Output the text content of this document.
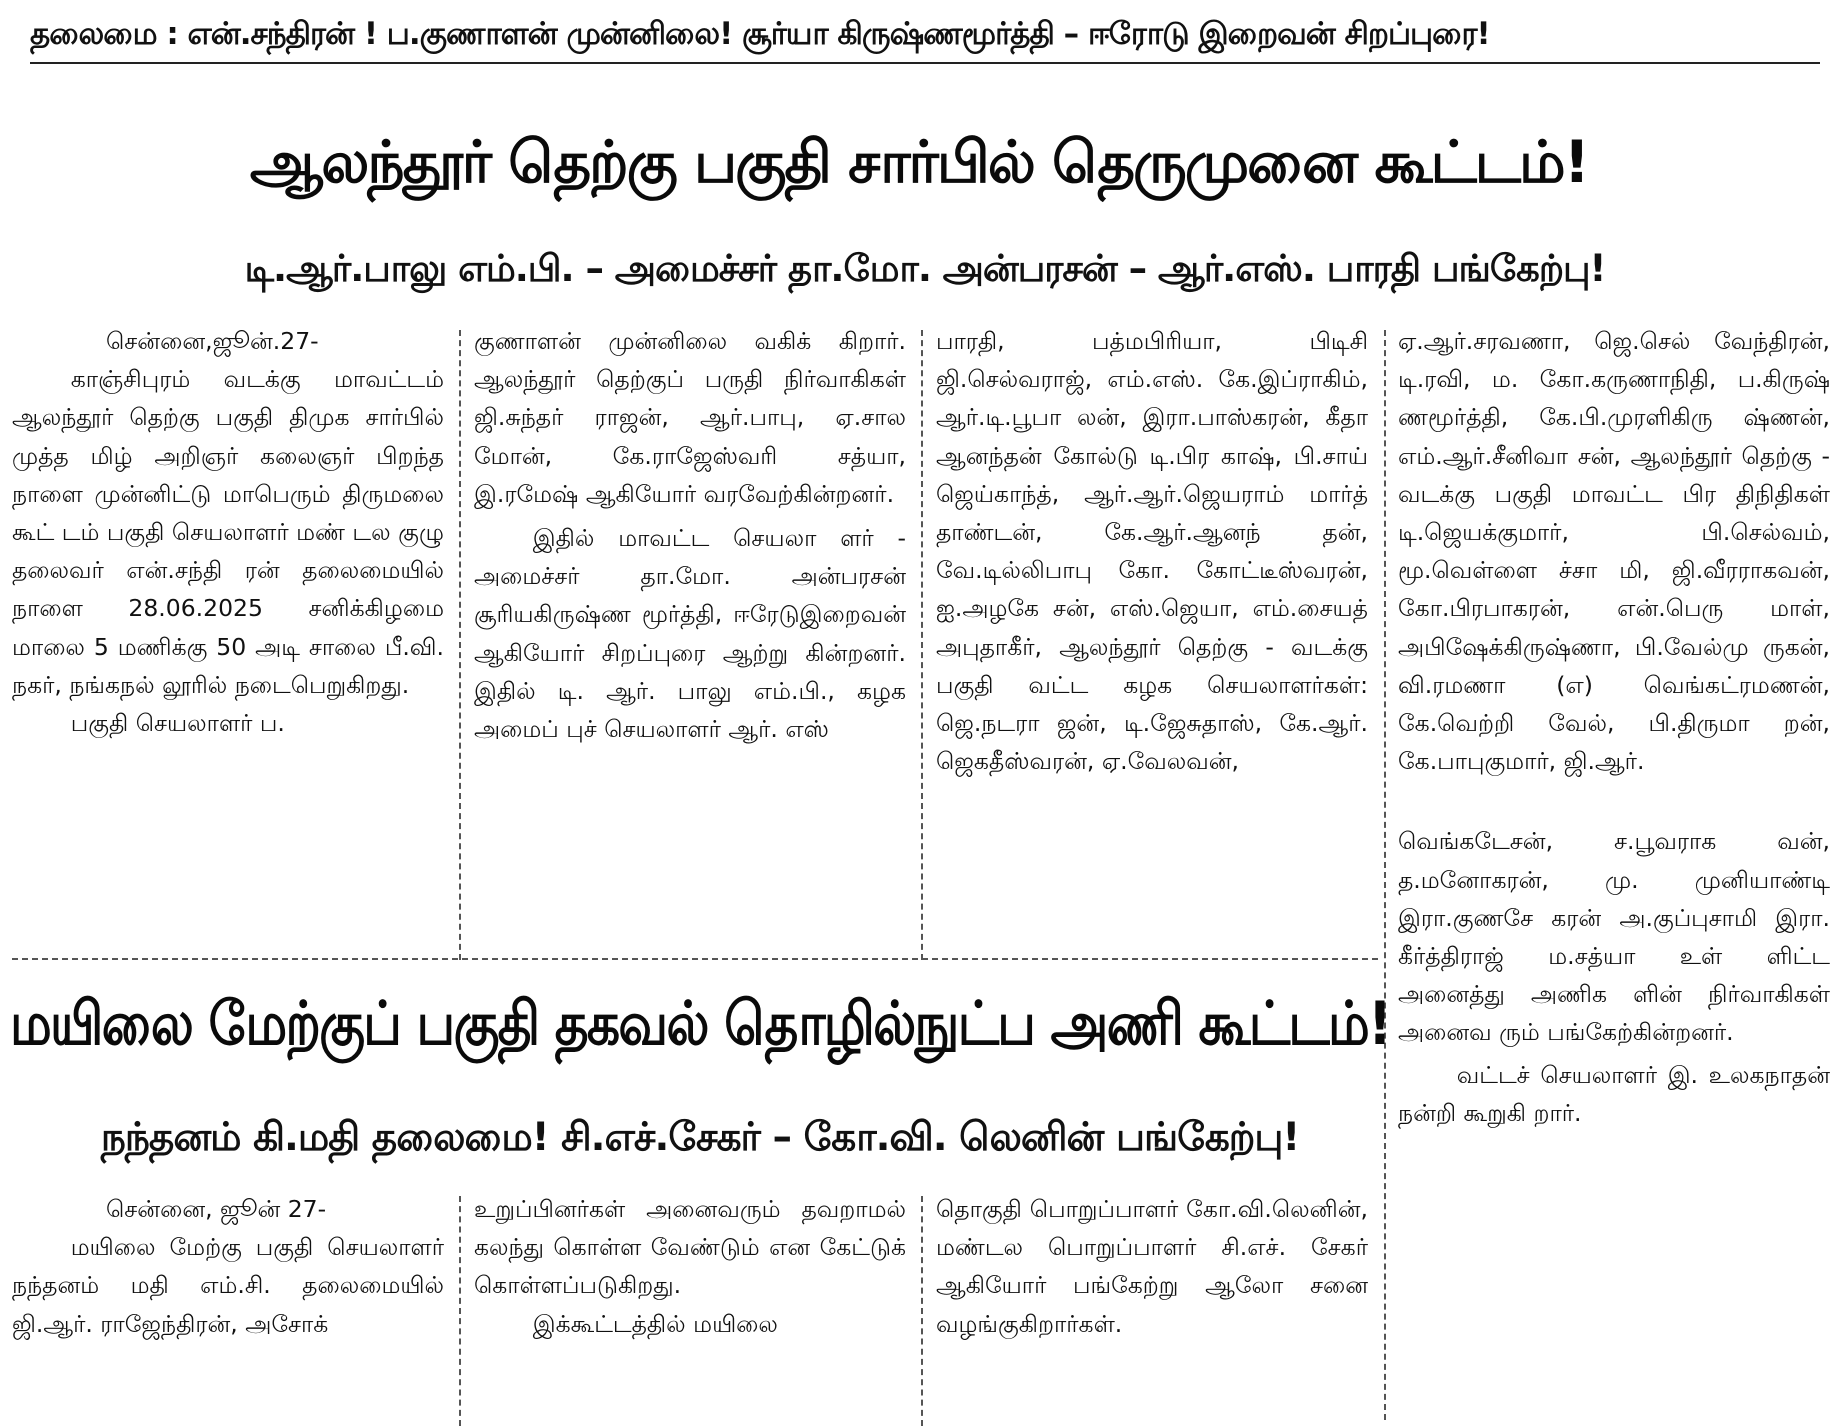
தலைமை : என்.சந்திரன் ! ப.குணாளன் முன்னிலை! சூர்யா கிருஷ்ணமூர்த்தி – ஈரோடு இறைவன் சிறப்புரை!
ஆலந்தூர் தெற்கு பகுதி சார்பில் தெருமுனை கூட்டம்!
டி.ஆர்.பாலு எம்.பி. – அமைச்சர் தா.மோ. அன்பரசன் – ஆர்.எஸ். பாரதி பங்கேற்பு!

சென்னை,ஜூன்.27-

காஞ்சிபுரம் வடக்கு மாவட்டம் ஆலந்தூர் தெற்கு பகுதி திமுக சார்பில் முத்த மிழ் அறிஞர் கலைஞர் பிறந்த நாளை முன்னிட்டு மாபெரும் திருமலை கூட் டம் பகுதி செயலாளர் மண் டல குழு தலைவர் என்.சந்தி ரன் தலைமையில் நாளை 28.06.2025 சனிக்கிழமை மாலை 5 மணிக்கு 50 அடி சாலை பீ.வி. நகர், நங்கநல் லூரில் நடைபெறுகிறது.

பகுதி செயலாளர் ப.

குணாளன் முன்னிலை வகிக் கிறார். ஆலந்தூர் தெற்குப் பருதி நிர்வாகிகள் ஜி.சுந்தர் ராஜன், ஆர்.பாபு, ஏ.சால மோன், கே.ராஜேஸ்வரி சத்யா, இ.ரமேஷ் ஆகியோர் வரவேற்கின்றனர்.

இதில் மாவட்ட செயலா ளர் - அமைச்சர் தா.மோ. அன்பரசன் சூரியகிருஷ்ண மூர்த்தி, ஈரேடுஇறைவன் ஆகியோர் சிறப்புரை ஆற்று கின்றனர். இதில் டி. ஆர். பாலு எம்.பி., கழக அமைப் புச் செயலாளர் ஆர். எஸ்

பாரதி, பத்மபிரியா, பிடிசி ஜி.செல்வராஜ், எம்.எஸ். கே.இப்ராகிம், ஆர்.டி.பூபா லன், இரா.பாஸ்கரன், கீதா ஆனந்தன் கோல்டு டி.பிர காஷ், பி.சாய் ஜெய்காந்த், ஆர்.ஆர்.ஜெயராம் மார்த் தாண்டன், கே.ஆர்.ஆனந் தன், வே.டில்லிபாபு கோ. கோட்டீஸ்வரன், ஐ.அழகே சன், எஸ்.ஜெயா, எம்.சையத் அபுதாகீர், ஆலந்தூர் தெற்கு - வடக்கு பகுதி வட்ட கழக செயலாளர்கள்: ஜெ.நடரா ஜன், டி.ஜேசுதாஸ், கே.ஆர். ஜெகதீஸ்வரன், ஏ.வேலவன்,

ஏ.ஆர்.சரவணா, ஜெ.செல் வேந்திரன், டி.ரவி, ம. கோ.கருணாநிதி, ப.கிருஷ் ணமூர்த்தி, கே.பி.முரளிகிரு ஷ்ணன், எம்.ஆர்.சீனிவா சன், ஆலந்தூர் தெற்கு - வடக்கு பகுதி மாவட்ட பிர திநிதிகள் டி.ஜெயக்குமார், பி.செல்வம், மூ.வெள்ளை ச்சா மி, ஜி.வீரராகவன், கோ.பிரபாகரன், என்.பெரு மாள், அபிஷேக்கிருஷ்ணா, பி.வேல்மு ருகன், வி.ரமணா (எ) வெங்கட்ரமணன், கே.வெற்றி வேல், பி.திருமா றன், கே.பாபுகுமார், ஜி.ஆர்.

வெங்கடேசன், ச.பூவராக வன், த.மனோகரன், மு. முனியாண்டி இரா.குணசே கரன் அ.குப்புசாமி இரா. கீர்த்திராஜ் ம.சத்யா உள் ளிட்ட அனைத்து அணிக ளின் நிர்வாகிகள் அனைவ ரும் பங்கேற்கின்றனர்.

வட்டச் செயலாளர் இ. உலகநாதன் நன்றி கூறுகி றார்.

மயிலை மேற்குப் பகுதி தகவல் தொழில்நுட்ப அணி கூட்டம்!
நந்தனம் கி.மதி தலைமை! சி.எச்.சேகர் – கோ.வி. லெனின் பங்கேற்பு!

சென்னை, ஜூன் 27-

மயிலை மேற்கு பகுதி செயலாளர் நந்தனம் மதி எம்.சி. தலைமையில் ஜி.ஆர். ராஜேந்திரன், அசோக்

உறுப்பினர்கள் அனைவரும் தவறாமல் கலந்து கொள்ள வேண்டும் என கேட்டுக் கொள்ளப்படுகிறது.

இக்கூட்டத்தில் மயிலை

தொகுதி பொறுப்பாளர் கோ.வி.லெனின், மண்டல பொறுப்பாளர் சி.எச். சேகர் ஆகியோர் பங்கேற்று ஆலோ சனை வழங்குகிறார்கள்.
